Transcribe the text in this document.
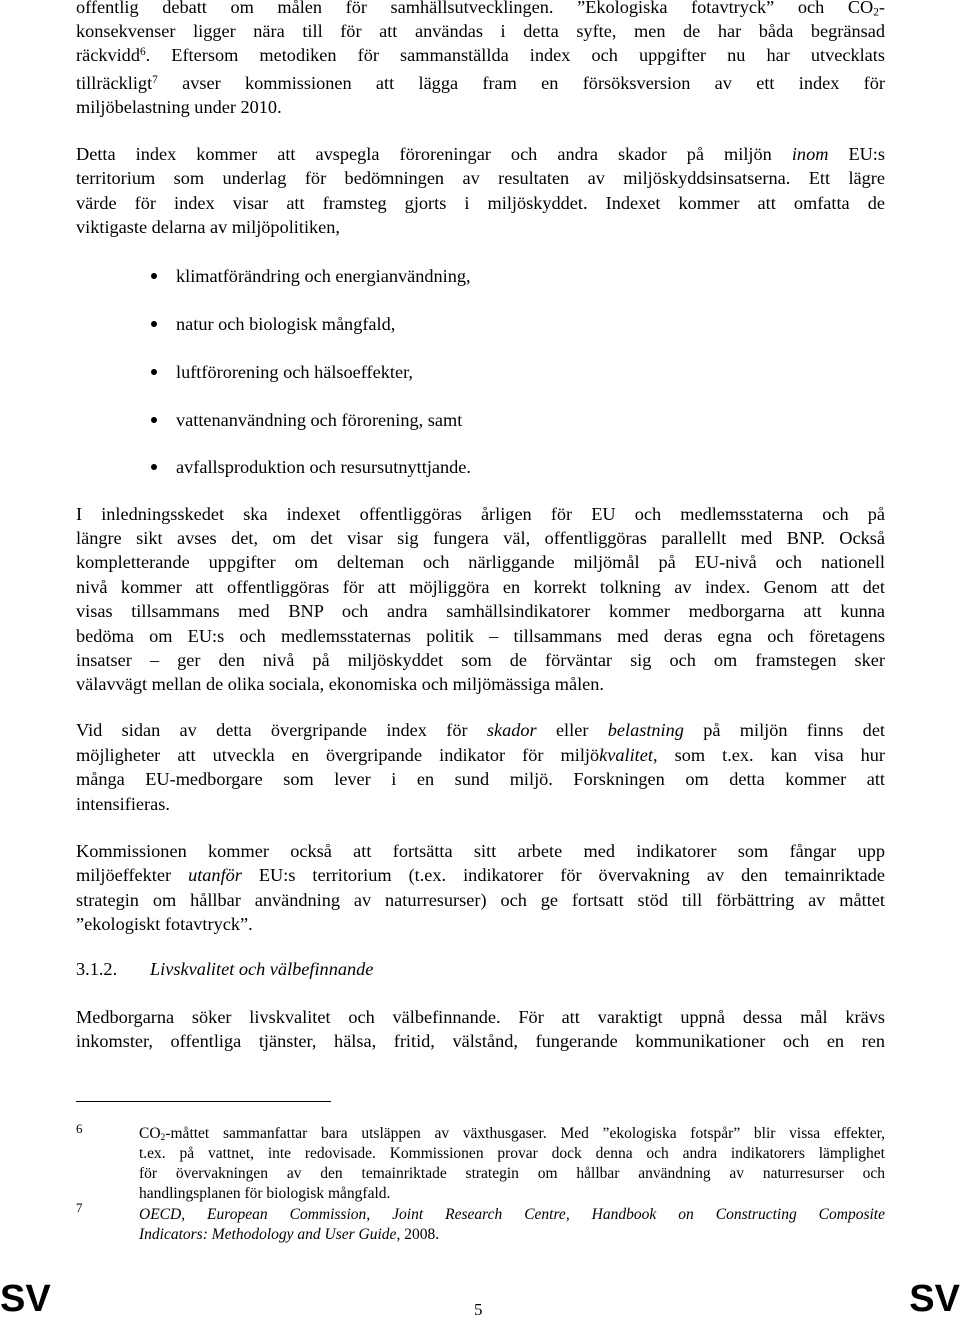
offentlig debatt om målen för samhällsutvecklingen. ”Ekologiska fotavtryck” och $CO_2-$
konsekvenser ligger nära till för att användas i detta syfte, men de har båda begränsad
räckvidd$^6$. Eftersom metodiken för sammanställda index och uppgifter nu har utvecklats
tillräckligt$^7$ avser kommissionen att lägga fram en försöksversion av ett index för
miljöbelastning under 2010.
Detta index kommer att avspegla föroreningar och andra skador på miljön inom EU:s
territorium som underlag för bedömningen av resultaten av miljöskyddsinsatserna. Ett lägre
värde för index visar att framsteg gjorts i miljöskyddet. Indexet kommer att omfatta de
viktigaste delarna av miljöpolitiken,
klimatförändring och energianvändning,
natur och biologisk mångfald,
luftförorening och hälsoeffekter,
vattenanvändning och förorening, samt
avfallsproduktion och resursutnyttjande.
I inledningsskedet ska indexet offentliggöras årligen för EU och medlemsstaterna och på
längre sikt avses det, om det visar sig fungera väl, offentliggöras parallellt med BNP. Också
kompletterande uppgifter om delteman och närliggande miljömål på EU-nivå och nationell
nivå kommer att offentliggöras för att möjliggöra en korrekt tolkning av index. Genom att det
visas tillsammans med BNP och andra samhällsindikatorer kommer medborgarna att kunna
bedöma om EU:s och medlemsstaternas politik – tillsammans med deras egna och företagens
insatser – ger den nivå på miljöskyddet som de förväntar sig och om framstegen sker
välavvägt mellan de olika sociala, ekonomiska och miljömässiga målen.
Vid sidan av detta övergripande index för skador eller belastning på miljön finns det
möjligheter att utveckla en övergripande indikator för miljökvalitet, som t.ex. kan visa hur
många EU-medborgare som lever i en sund miljö. Forskningen om detta kommer att
intensifieras.
Kommissionen kommer också att fortsätta sitt arbete med indikatorer som fångar upp
miljöeffekter utanför EU:s territorium (t.ex. indikatorer för övervakning av den temainriktade
strategin om hållbar användning av naturresurser) och ge fortsatt stöd till förbättring av måttet
”ekologiskt fotavtryck”.
3.1.2. Livskvalitet och välbefinnande
Medborgarna söker livskvalitet och välbefinnande. För att varaktigt uppnå dessa mål krävs
inkomster, offentliga tjänster, hälsa, fritid, välstånd, fungerande kommunikationer och en ren
6	$CO_2$-måttet sammanfattar bara utsläppen av växthusgaser. Med ”ekologiska fotspår” blir vissa effekter,
t.ex. på vattnet, inte redovisade. Kommissionen provar dock denna och andra indikatorers lämplighet
för övervakningen av den temainriktade strategin om hållbar användning av naturresurser och
handlingsplanen för biologisk mångfald.
7	OECD, European Commission, Joint Research Centre, Handbook on Constructing Composite
Indicators: Methodology and User Guide, 2008.
SV	5	SV
